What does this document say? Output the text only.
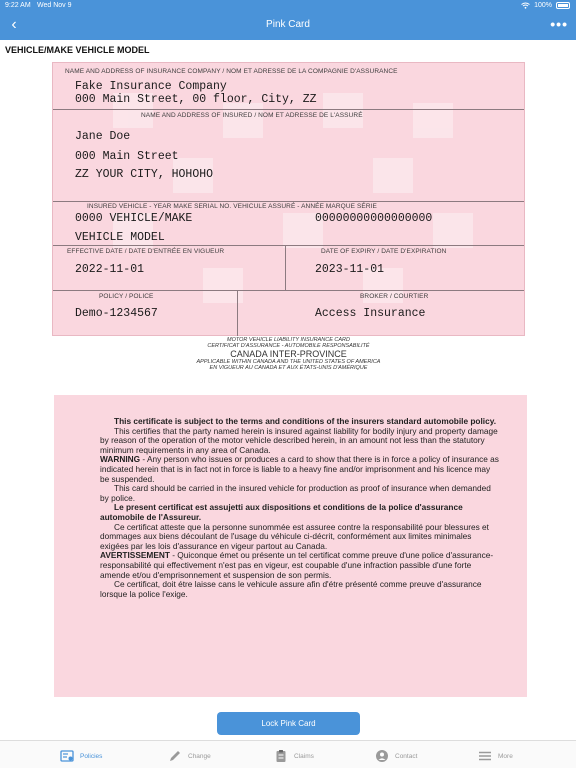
9:22 AM Wed Nov 9	100%
‹	Pink Card	•••
VEHICLE/MAKE VEHICLE MODEL
NAME AND ADDRESS OF INSURANCE COMPANY / NOM ET ADRESSE DE LA COMPAGNIE D'ASSURANCE
Fake Insurance Company
000 Main Street, 00 floor, City, ZZ
NAME AND ADDRESS OF INSURED / NOM ET ADRESSE DE L'ASSURÉ
Jane Doe
000 Main Street
ZZ YOUR CITY, HOHOHO
INSURED VEHICLE - YEAR MAKE SERIAL NO. VEHICULE ASSURÉ - ANNÉE MARQUE SÉRIE
0000 VEHICLE/MAKE	00000000000000000
VEHICLE MODEL
EFFECTIVE DATE / DATE D'ENTRÉE EN VIGUEUR
2022-11-01
DATE OF EXPIRY / DATE D'EXPIRATION
2023-11-01
POLICY / POLICE
Demo-1234567
BROKER / COURTIER
Access Insurance
MOTOR VEHICLE LIABILITY INSURANCE CARD
CERTIFICAT D'ASSURANCE - AUTOMOBILE RESPONSABILITÉ
CANADA INTER-PROVINCE
APPLICABLE WITHIN CANADA AND THE UNITED STATES OF AMERICA
EN VIGUEUR AU CANADA ET AUX ÉTATS-UNIS D'AMÉRIQUE

This certificate is subject to the terms and conditions of the insurers standard automobile policy.

This certifies that the party named herein is insured against liability for bodily injury and property damage by reason of the operation of the motor vehicle described herein, in an amount not less than the statutory minimum requirements in any area of Canada.

WARNING - Any person who issues or produces a card to show that there is in force a policy of insurance as indicated herein that is in fact not in force is liable to a heavy fine and/or imprisonment and his licence may be suspended.

This card should be carried in the insured vehicle for production as proof of insurance when demanded by police.

Le present certificat est assujetti aux dispositions et conditions de la police d'assurance automobile de l'Assureur.

Ce certificat atteste que la personne sunommée est assuree contre la responsabilité pour blessures et dommages aux biens découlant de l'usage du véhicule ci-décrit, conformément aux limites minimales exigées par les lois d'assurance en vigeur partout au Canada.

AVERTISSEMENT - Quiconque émet ou présente un tel certificat comme preuve d'une police d'assurance-responsabilité qui effectivement n'est pas en vigeur, est coupable d'une infraction passible d'une forte amende et/ou d'emprisonnement et suspension de son permis.

Ce certificat, doit étre laisse cans le vehicule assure afin d'étre présenté comme preuve d'assurance lorsque la police l'exige.

Lock Pink Card
Policies	Change	Claims	Contact	More
